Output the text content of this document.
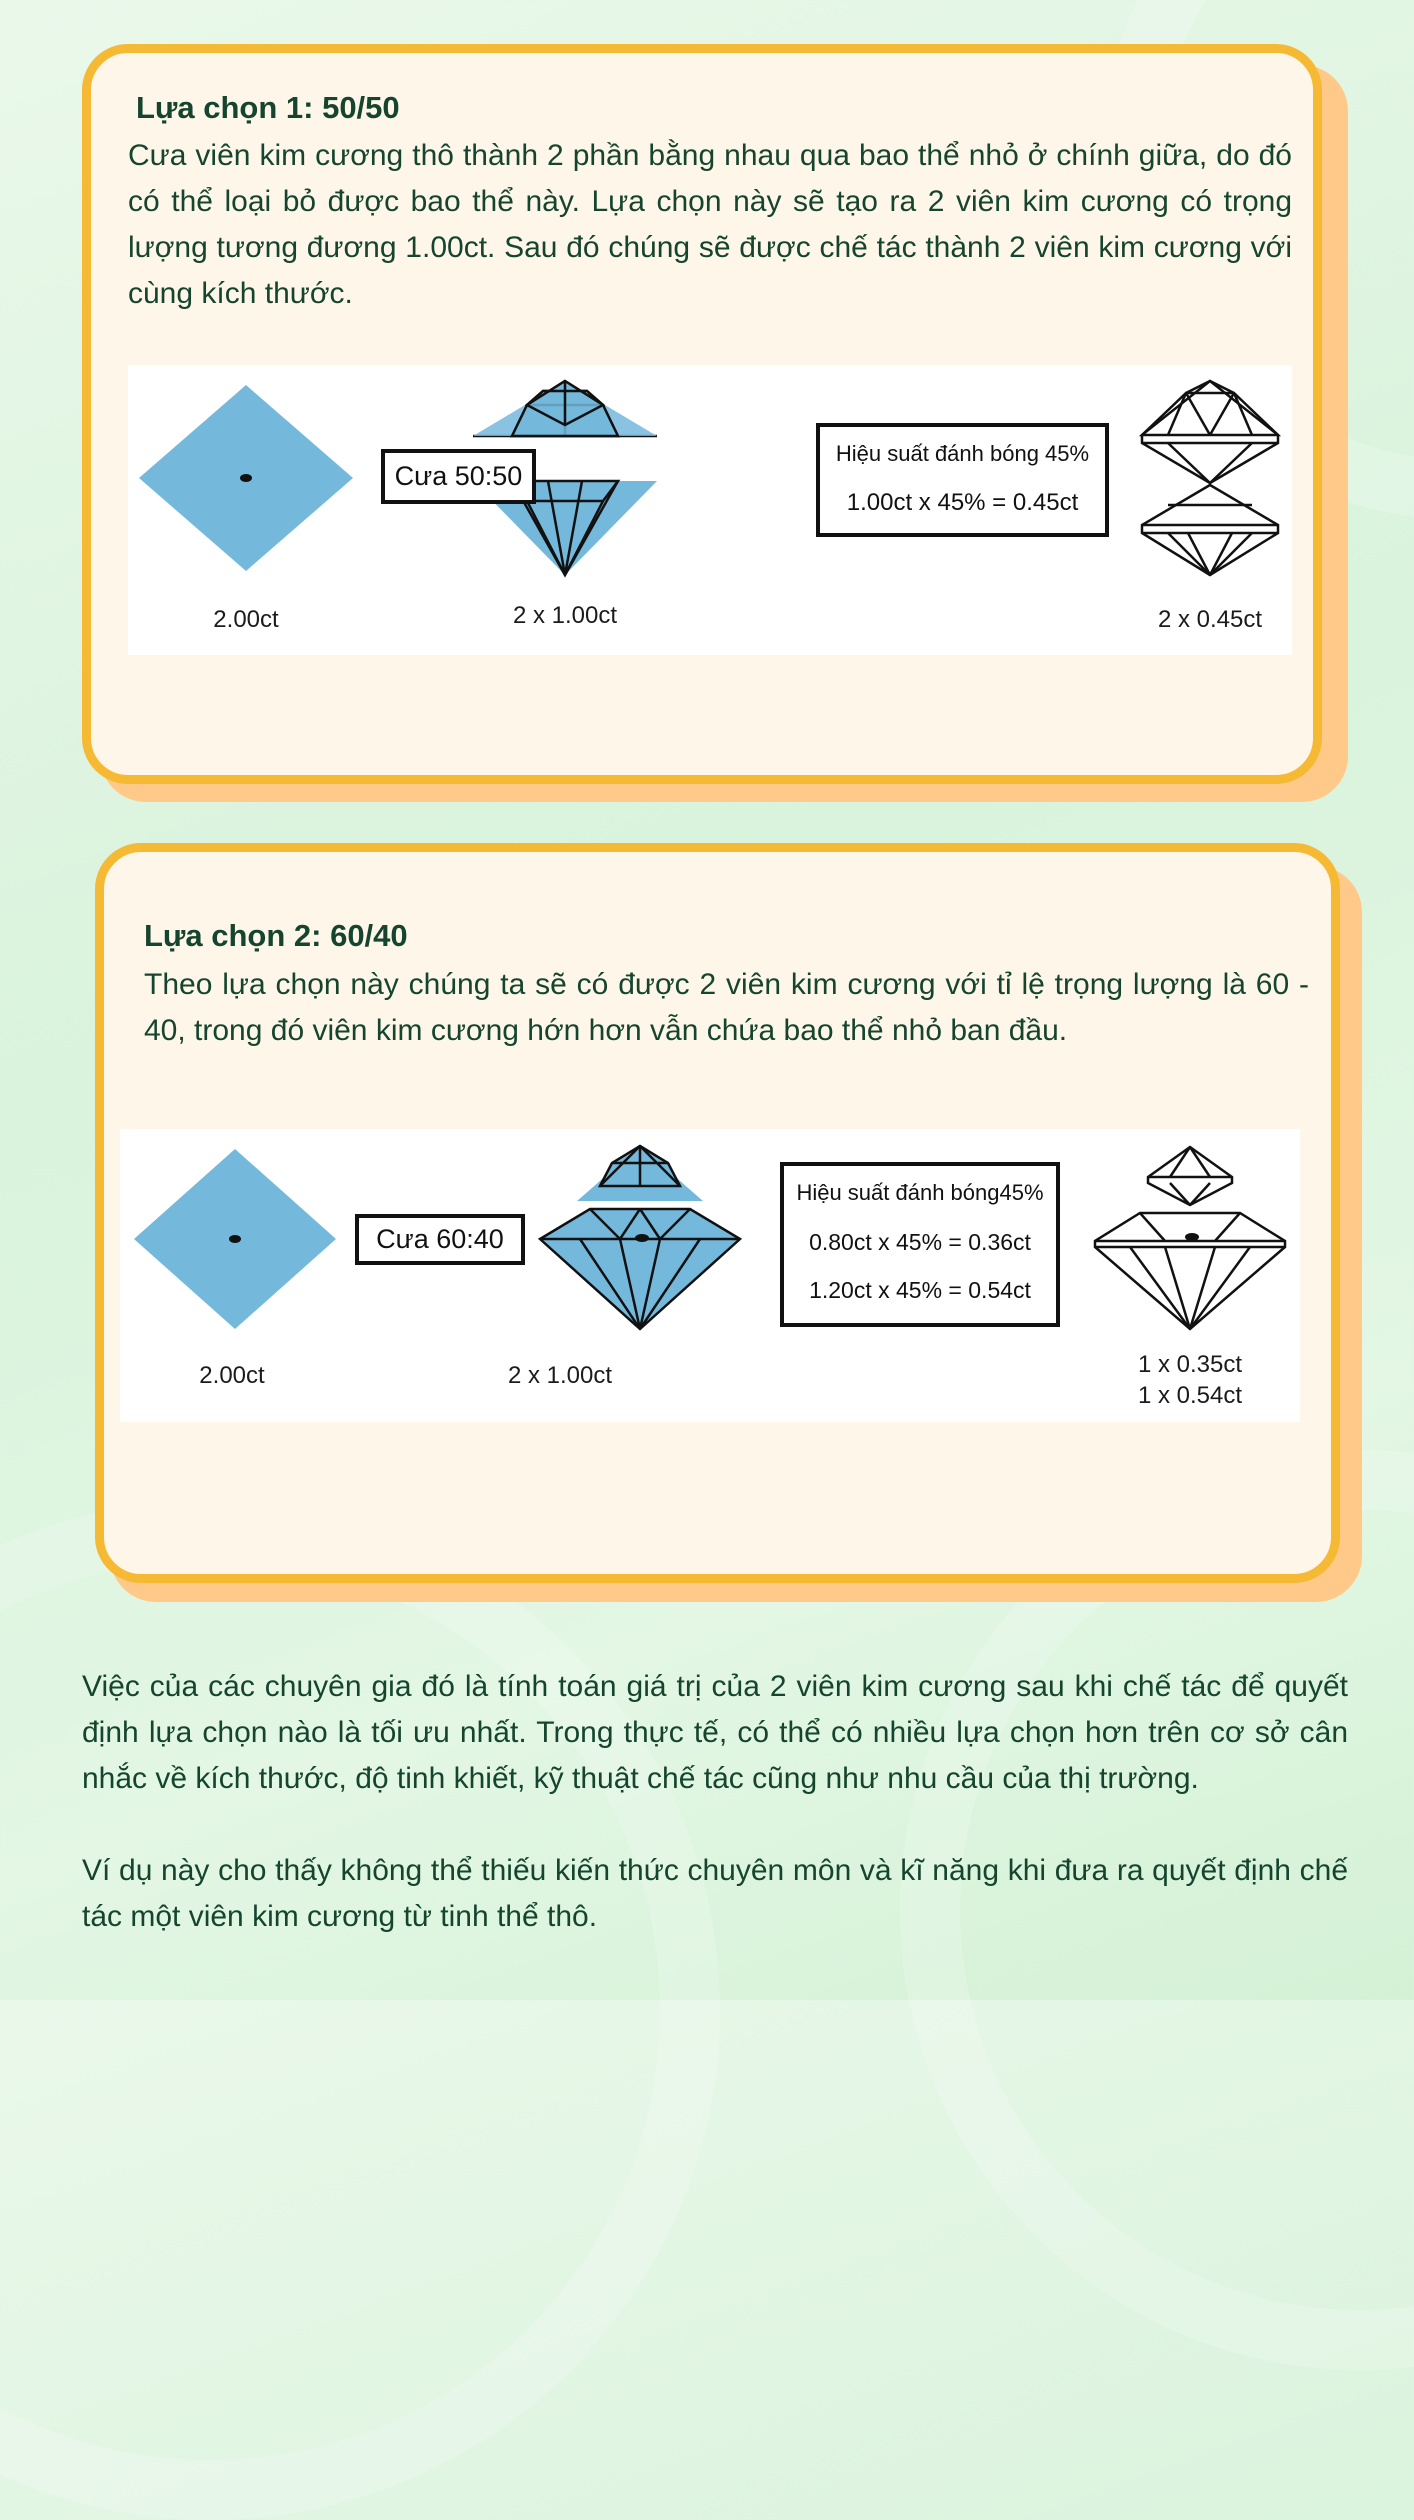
Lựa chọn 1: 50/50
Cưa viên kim cương thô thành 2 phần bằng nhau qua bao thể nhỏ ở chính giữa, do đó có thể loại bỏ được bao thể này. Lựa chọn này sẽ tạo ra 2 viên kim cương có trọng lượng tương đương 1.00ct. Sau đó chúng sẽ được chế tác thành 2 viên kim cương với cùng kích thước.
Cưa 50:50
Hiệu suất đánh bóng 45%
1.00ct x 45% = 0.45ct
2.00ct	2 x 1.00ct	2 x 0.45ct
Lựa chọn 2: 60/40
Theo lựa chọn này chúng ta sẽ có được 2 viên kim cương với tỉ lệ trọng lượng là 60 - 40, trong đó viên kim cương hớn hơn vẫn chứa bao thể nhỏ ban đầu.
Cưa 60:40
Hiệu suất đánh bóng45%
0.80ct x 45% = 0.36ct
1.20ct x 45% = 0.54ct
2.00ct	2 x 1.00ct	1 x 0.35ct
1 x 0.54ct
Việc của các chuyên gia đó là tính toán giá trị của 2 viên kim cương sau khi chế tác để quyết định lựa chọn nào là tối ưu nhất. Trong thực tế, có thể có nhiều lựa chọn hơn trên cơ sở cân nhắc về kích thước, độ tinh khiết, kỹ thuật chế tác cũng như nhu cầu của thị trường.
Ví dụ này cho thấy không thể thiếu kiến thức chuyên môn và kĩ năng khi đưa ra quyết định chế tác một viên kim cương từ tinh thể thô.
